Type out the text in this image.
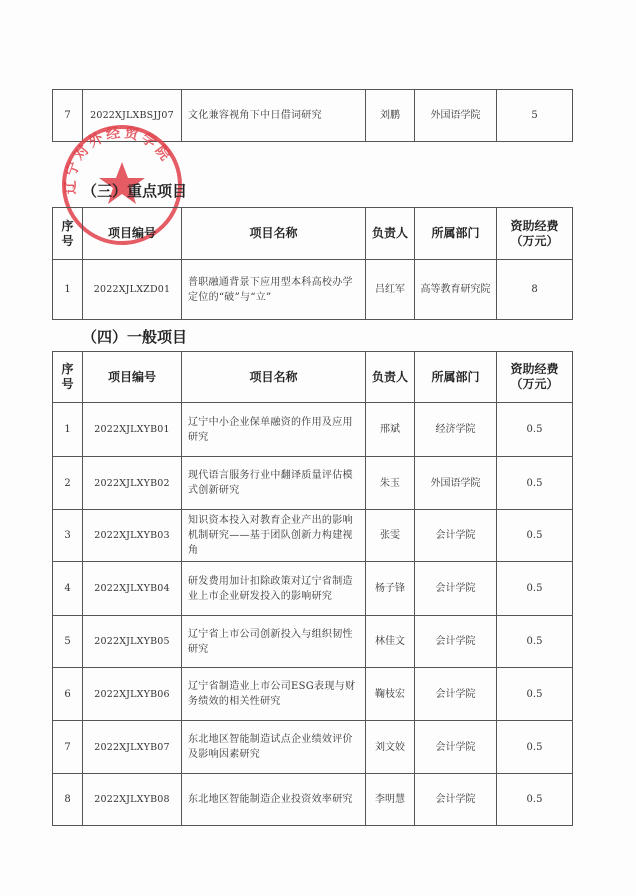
7	2022XJLXBSJJ07	文化兼容视角下中日借词研究	刘鹏	外国语学院	5
辽宁对外经贸学院
（三）重点项目
序号	项目编号	项目名称	负责人	所属部门	资助经费（万元）
1	2022XJLXZD01	普职融通背景下应用型本科高校办学定位的“破”与“立”	吕红军	高等教育研究院	8
（四）一般项目
序号	项目编号	项目名称	负责人	所属部门	资助经费（万元）
1	2022XJLXYB01	辽宁中小企业保单融资的作用及应用研究	邢斌	经济学院	0.5
2	2022XJLXYB02	现代语言服务行业中翻译质量评估模式创新研究	朱玉	外国语学院	0.5
3	2022XJLXYB03	知识资本投入对教育企业产出的影响机制研究——基于团队创新力构建视角	张雯	会计学院	0.5
4	2022XJLXYB04	研发费用加计扣除政策对辽宁省制造业上市企业研发投入的影响研究	杨子锋	会计学院	0.5
5	2022XJLXYB05	辽宁省上市公司创新投入与组织韧性研究	林佳文	会计学院	0.5
6	2022XJLXYB06	辽宁省制造业上市公司ESG表现与财务绩效的相关性研究	鞠枝宏	会计学院	0.5
7	2022XJLXYB07	东北地区智能制造试点企业绩效评价及影响因素研究	刘文姣	会计学院	0.5
8	2022XJLXYB08	东北地区智能制造企业投资效率研究	李明慧	会计学院	0.5
